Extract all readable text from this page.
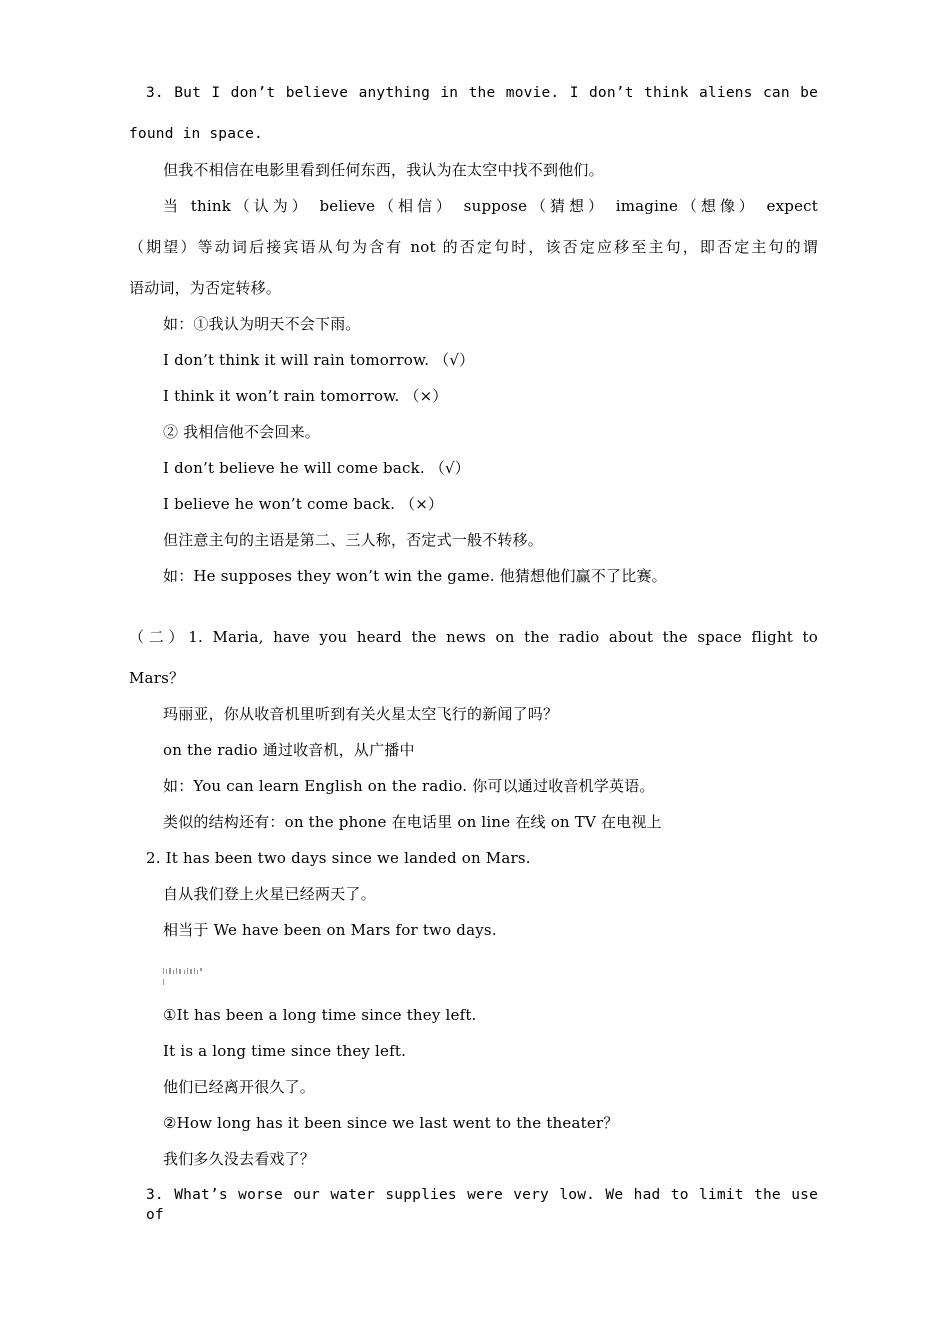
3. But I don’t believe anything in the movie. I don’t think aliens can be
found in space.
但我不相信在电影里看到任何东西，我认为在太空中找不到他们。
当 think（认为） believe（相信） suppose（猜想） imagine（想像） expect
（期望）等动词后接宾语从句为含有 not 的否定句时，该否定应移至主句，即否定主句的谓
语动词，为否定转移。
如：①我认为明天不会下雨。
I don’t think it will rain tomorrow. （√）
I think it won’t rain tomorrow. （×）
② 我相信他不会回来。
I don’t believe he will come back. （√）
I believe he won’t come back. （×）
但注意主句的主语是第二、三人称，否定式一般不转移。
如：He supposes they won’t win the game. 他猜想他们赢不了比赛。
（二）1. Maria, have you heard the news on the radio about the space flight to
Mars？
玛丽亚，你从收音机里听到有关火星太空飞行的新闻了吗？
on the radio 通过收音机，从广播中
如：You can learn English on the radio. 你可以通过收音机学英语。
类似的结构还有：on the phone 在电话里 on line 在线 on TV 在电视上
2. It has been two days since we landed on Mars.
自从我们登上火星已经两天了。
相当于 We have been on Mars for two days.
①It has been a long time since they left.
It is a long time since they left.
他们已经离开很久了。
②How long has it been since we last went to the theater？
我们多久没去看戏了？
3. What’s worse our water supplies were very low. We had to limit the use of
